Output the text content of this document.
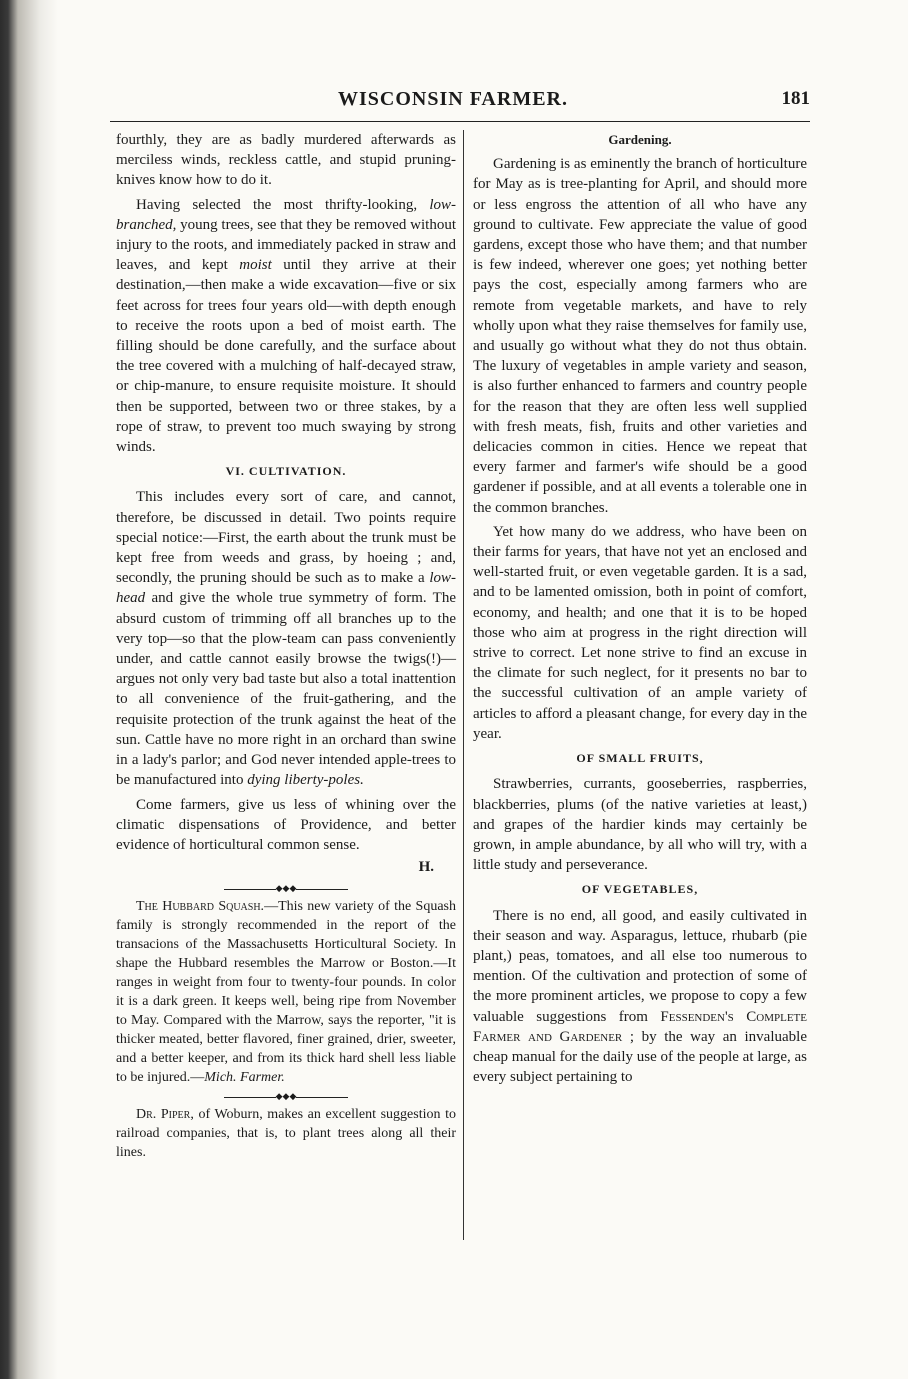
WISCONSIN FARMER.	181

fourthly, they are as badly murdered afterwards as merciless winds, reckless cattle, and stupid pruning-knives know how to do it.

Having selected the most thrifty-looking, low-branched, young trees, see that they be removed without injury to the roots, and immediately packed in straw and leaves, and kept moist until they arrive at their destination,—then make a wide excavation—five or six feet across for trees four years old—with depth enough to receive the roots upon a bed of moist earth. The filling should be done carefully, and the surface about the tree covered with a mulching of half-decayed straw, or chip-manure, to ensure requisite moisture. It should then be supported, between two or three stakes, by a rope of straw, to prevent too much swaying by strong winds.

VI. CULTIVATION.

This includes every sort of care, and cannot, therefore, be discussed in detail. Two points require special notice:—First, the earth about the trunk must be kept free from weeds and grass, by hoeing ; and, secondly, the pruning should be such as to make a low-head and give the whole true symmetry of form. The absurd custom of trimming off all branches up to the very top—so that the plow-team can pass conveniently under, and cattle cannot easily browse the twigs(!)—argues not only very bad taste but also a total inattention to all convenience of the fruit-gathering, and the requisite protection of the trunk against the heat of the sun. Cattle have no more right in an orchard than swine in a lady's parlor; and God never intended apple-trees to be manufactured into dying liberty-poles.

Come farmers, give us less of whining over the climatic dispensations of Providence, and better evidence of horticultural common sense.

H.

◆◆◆

The Hubbard Squash.—This new variety of the Squash family is strongly recommended in the report of the transacions of the Massachusetts Horticultural Society. In shape the Hubbard resembles the Marrow or Boston.—It ranges in weight from four to twenty-four pounds. In color it is a dark green. It keeps well, being ripe from November to May. Compared with the Marrow, says the reporter, "it is thicker meated, better flavored, finer grained, drier, sweeter, and a better keeper, and from its thick hard shell less liable to be injured.—Mich. Farmer.

◆◆◆

Dr. Piper, of Woburn, makes an excellent suggestion to railroad companies, that is, to plant trees along all their lines.

Gardening.

Gardening is as eminently the branch of horticulture for May as is tree-planting for April, and should more or less engross the attention of all who have any ground to cultivate. Few appreciate the value of good gardens, except those who have them; and that number is few indeed, wherever one goes; yet nothing better pays the cost, especially among farmers who are remote from vegetable markets, and have to rely wholly upon what they raise themselves for family use, and usually go without what they do not thus obtain. The luxury of vegetables in ample variety and season, is also further enhanced to farmers and country people for the reason that they are often less well supplied with fresh meats, fish, fruits and other varieties and delicacies common in cities. Hence we repeat that every farmer and farmer's wife should be a good gardener if possible, and at all events a tolerable one in the common branches.

Yet how many do we address, who have been on their farms for years, that have not yet an enclosed and well-started fruit, or even vegetable garden. It is a sad, and to be lamented omission, both in point of comfort, economy, and health; and one that it is to be hoped those who aim at progress in the right direction will strive to correct. Let none strive to find an excuse in the climate for such neglect, for it presents no bar to the successful cultivation of an ample variety of articles to afford a pleasant change, for every day in the year.

OF SMALL FRUITS,

Strawberries, currants, gooseberries, raspberries, blackberries, plums (of the native varieties at least,) and grapes of the hardier kinds may certainly be grown, in ample abundance, by all who will try, with a little study and perseverance.

OF VEGETABLES,

There is no end, all good, and easily cultivated in their season and way. Asparagus, lettuce, rhubarb (pie plant,) peas, tomatoes, and all else too numerous to mention. Of the cultivation and protection of some of the more prominent articles, we propose to copy a few valuable suggestions from Fessenden's Complete Farmer and Gardener ; by the way an invaluable cheap manual for the daily use of the people at large, as every subject pertaining to
